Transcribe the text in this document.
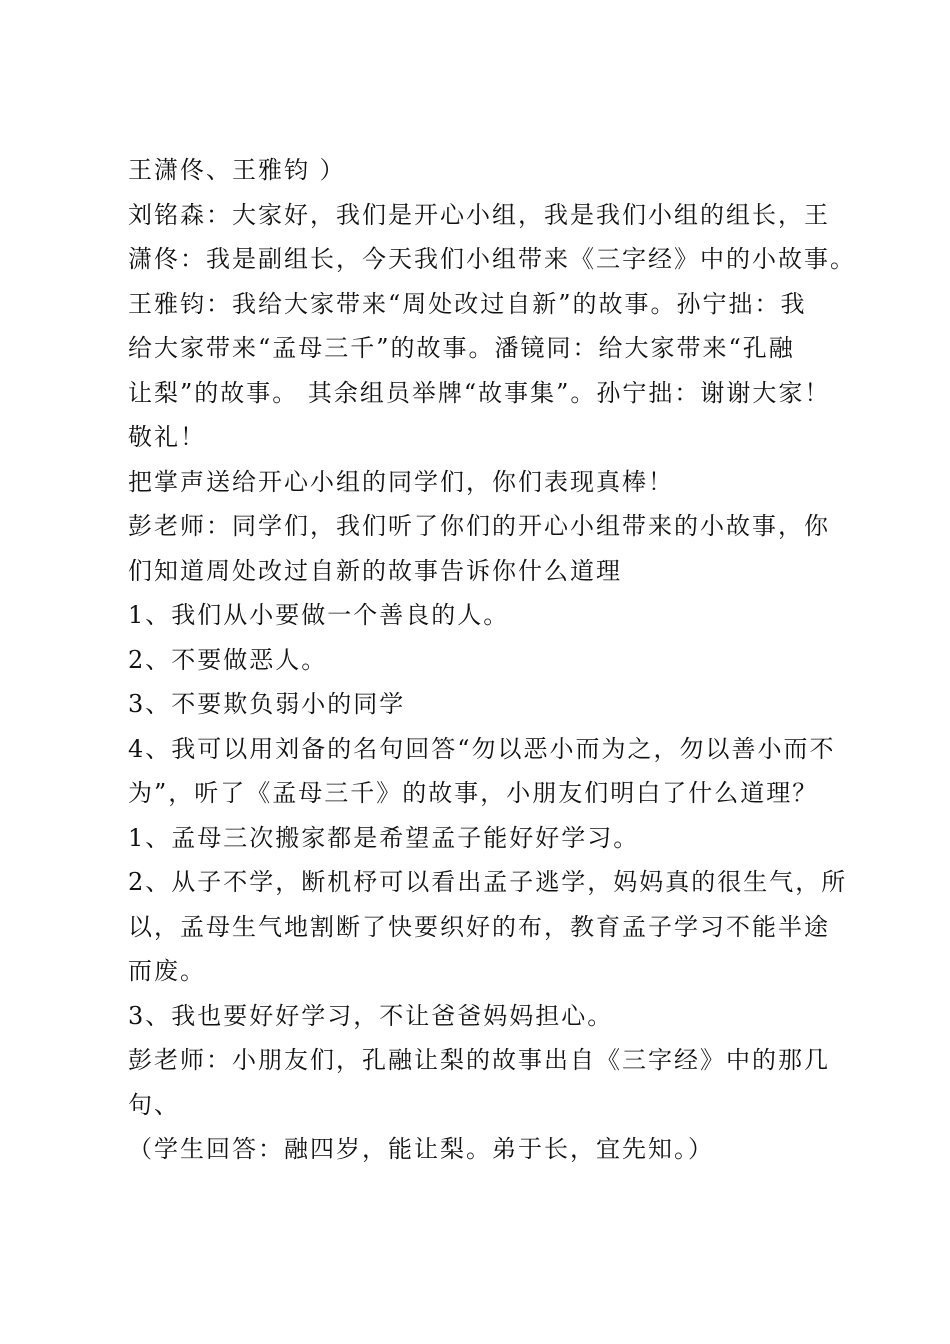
王潇佟、王雅钧 ）
刘铭森：大家好，我们是开心小组，我是我们小组的组长，王
潇佟：我是副组长，今天我们小组带来《三字经》中的小故事。
王雅钧：我给大家带来“周处改过自新”的故事。孙宁拙：我
给大家带来“孟母三千”的故事。潘镜同：给大家带来“孔融
让梨”的故事。 其余组员举牌“故事集”。孙宁拙：谢谢大家！
敬礼！
把掌声送给开心小组的同学们，你们表现真棒！
彭老师：同学们，我们听了你们的开心小组带来的小故事，你
们知道周处改过自新的故事告诉你什么道理
1、我们从小要做一个善良的人。
2、不要做恶人。
3、不要欺负弱小的同学
4、我可以用刘备的名句回答“勿以恶小而为之，勿以善小而不
为”，听了《孟母三千》的故事，小朋友们明白了什么道理？
1、孟母三次搬家都是希望孟子能好好学习。
2、从子不学，断机杼可以看出孟子逃学，妈妈真的很生气，所
以，孟母生气地割断了快要织好的布，教育孟子学习不能半途
而废。
3、我也要好好学习，不让爸爸妈妈担心。
彭老师：小朋友们，孔融让梨的故事出自《三字经》中的那几
句、
（学生回答：融四岁，能让梨。弟于长，宜先知。）
